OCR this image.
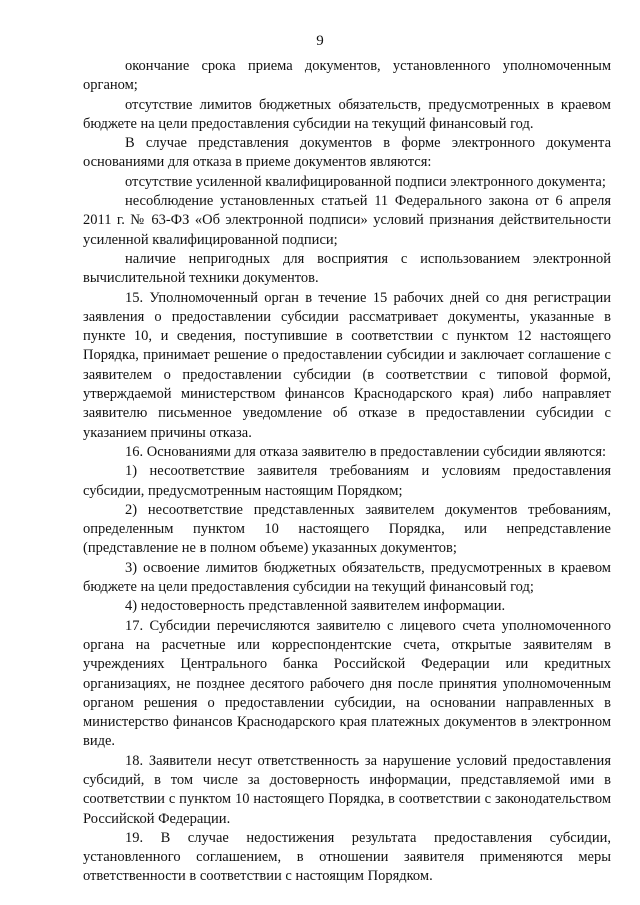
9

окончание срока приема документов, установленного уполномоченным органом;

отсутствие лимитов бюджетных обязательств, предусмотренных в краевом бюджете на цели предоставления субсидии на текущий финансовый год.

В случае представления документов в форме электронного документа основаниями для отказа в приеме документов являются:

отсутствие усиленной квалифицированной подписи электронного документа;

несоблюдение установленных статьей 11 Федерального закона от 6 апреля 2011 г. № 63-ФЗ «Об электронной подписи» условий признания действительности усиленной квалифицированной подписи;

наличие непригодных для восприятия с использованием электронной вычислительной техники документов.

15. Уполномоченный орган в течение 15 рабочих дней со дня регистрации заявления о предоставлении субсидии рассматривает документы, указанные в пункте 10, и сведения, поступившие в соответствии с пунктом 12 настоящего Порядка, принимает решение о предоставлении субсидии и заключает соглашение с заявителем о предоставлении субсидии (в соответствии с типовой формой, утверждаемой министерством финансов Краснодарского края) либо направляет заявителю письменное уведомление об отказе в предоставлении субсидии с указанием причины отказа.

16. Основаниями для отказа заявителю в предоставлении субсидии являются:

1) несоответствие заявителя требованиям и условиям предоставления субсидии, предусмотренным настоящим Порядком;

2) несоответствие представленных заявителем документов требованиям, определенным пунктом 10 настоящего Порядка, или непредставление (представление не в полном объеме) указанных документов;

3) освоение лимитов бюджетных обязательств, предусмотренных в краевом бюджете на цели предоставления субсидии на текущий финансовый год;

4) недостоверность представленной заявителем информации.

17. Субсидии перечисляются заявителю с лицевого счета уполномоченного органа на расчетные или корреспондентские счета, открытые заявителям в учреждениях Центрального банка Российской Федерации или кредитных организациях, не позднее десятого рабочего дня после принятия уполномоченным органом решения о предоставлении субсидии, на основании направленных в министерство финансов Краснодарского края платежных документов в электронном виде.

18. Заявители несут ответственность за нарушение условий предоставления субсидий, в том числе за достоверность информации, представляемой ими в соответствии с пунктом 10 настоящего Порядка, в соответствии с законодательством Российской Федерации.

19. В случае недостижения результата предоставления субсидии, установленного соглашением, в отношении заявителя применяются меры ответственности в соответствии с настоящим Порядком.
